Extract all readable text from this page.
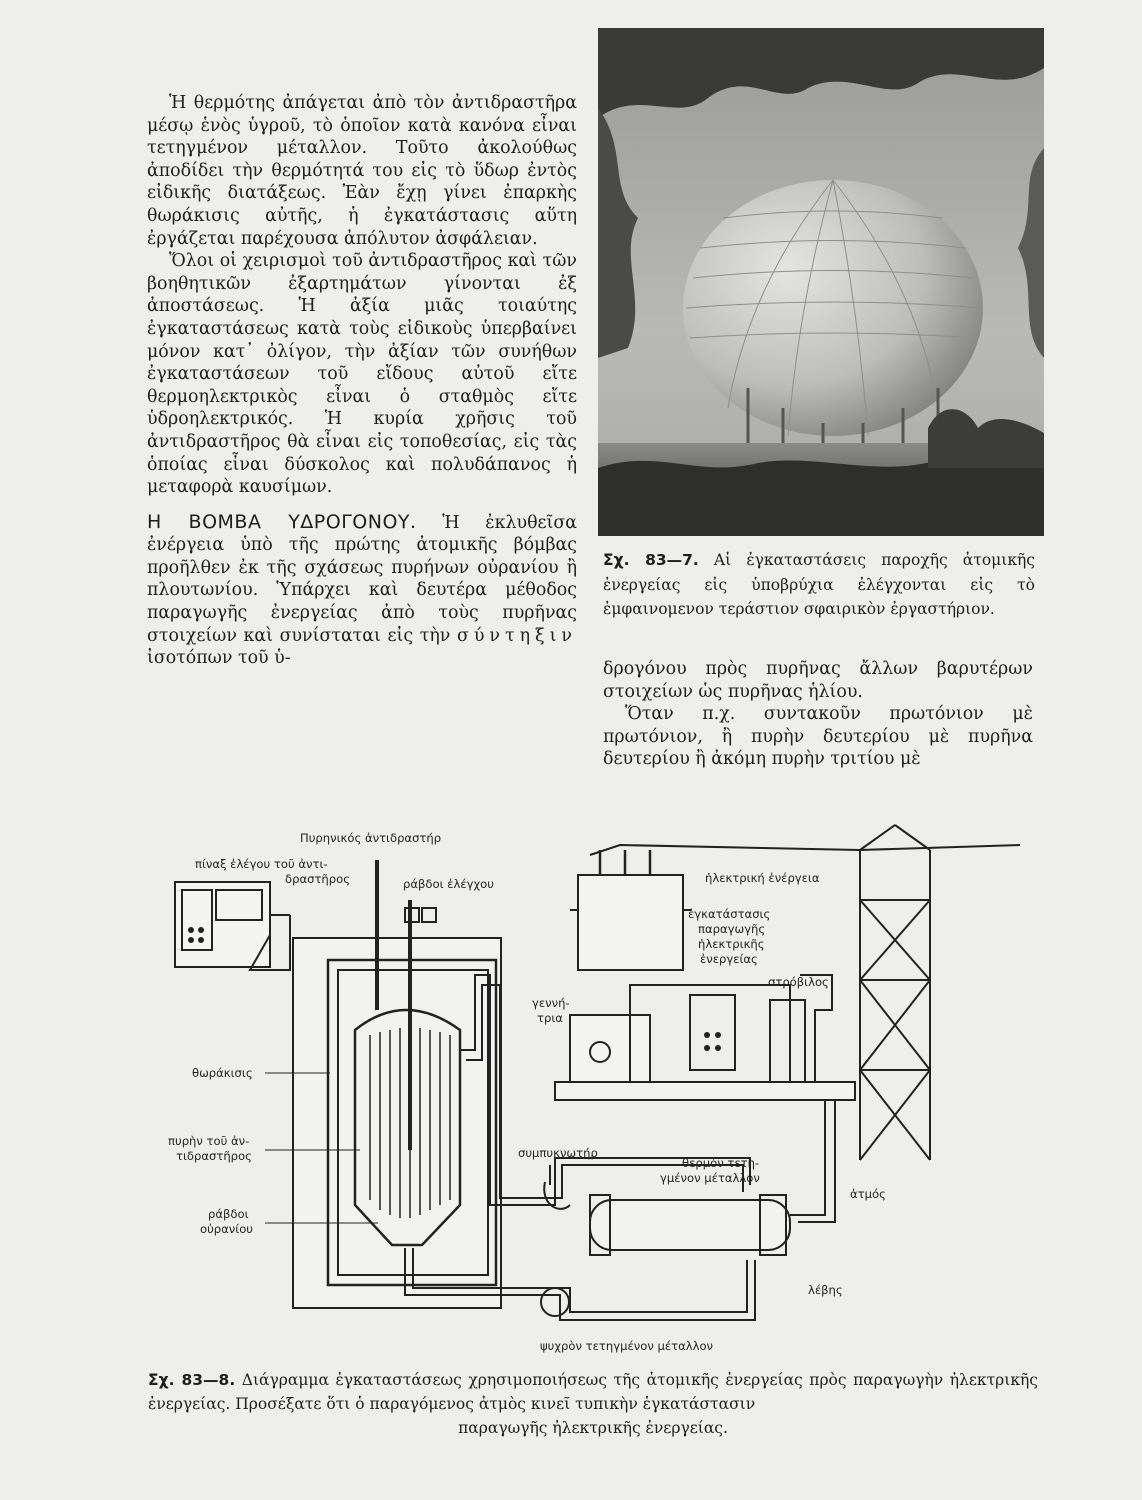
Ἡ θερμότης ἀπάγεται ἀπὸ τὸν ἀντιδραστῆρα μέσῳ ἑνὸς ὑγροῦ, τὸ ὁποῖον κατὰ κανόνα εἶναι τετηγμένον μέταλλον. Τοῦτο ἀκολούθως ἀποδίδει τὴν θερμότητά του εἰς τὸ ὕδωρ ἐντὸς εἰδικῆς διατάξεως. Ἐὰν ἔχῃ γίνει ἐπαρκὴς θωράκισις αὐτῆς, ἡ ἐγκατάστασις αὕτη ἐργάζεται παρέχουσα ἀπόλυτον ἀσφάλειαν.

Ὅλοι οἱ χειρισμοὶ τοῦ ἀντιδραστῆρος καὶ τῶν βοηθητικῶν ἐξαρτημάτων γίνονται ἐξ ἀποστάσεως. Ἡ ἀξία μιᾶς τοιαύτης ἐγκαταστάσεως κατὰ τοὺς εἰδικοὺς ὑπερβαίνει μόνον κατ᾽ ὀλίγον, τὴν ἀξίαν τῶν συνήθων ἐγκαταστάσεων τοῦ εἴδους αὐτοῦ εἴτε θερμοηλεκτρικὸς εἶναι ὁ σταθμὸς εἴτε ὑδροηλεκτρικός. Ἡ κυρία χρῆσις τοῦ ἀντιδραστῆρος θὰ εἶναι εἰς τοποθεσίας, εἰς τὰς ὁποίας εἶναι δύσκολος καὶ πολυδάπανος ἡ μεταφορὰ καυσίμων.

Η ΒΟΜΒΑ ΥΔΡΟΓΟΝΟΥ. Ἡ ἐκλυθεῖσα ἐνέργεια ὑπὸ τῆς πρώτης ἀτομικῆς βόμβας προῆλθεν ἐκ τῆς σχάσεως πυρήνων οὐρανίου ἢ πλουτωνίου. Ὑπάρχει καὶ δευτέρα μέθοδος παραγωγῆς ἐνεργείας ἀπὸ τοὺς πυρῆνας στοιχείων καὶ συνίσταται εἰς τὴν σύντηξιν ἰσοτόπων τοῦ ὑ-

Σχ. 83—7. Αἱ ἐγκαταστάσεις παροχῆς ἀτομικῆς ἐνεργείας εἰς ὑποβρύχια ἐλέγχονται εἰς τὸ ἐμφαινομενον τεράστιον σφαιρικὸν ἐργαστήριον.

δρογόνου πρὸς πυρῆνας ἄλλων βαρυτέρων στοιχείων ὡς πυρῆνας ἡλίου.

Ὅταν π.χ. συντακοῦν πρωτόνιον μὲ πρωτόνιον, ἢ πυρὴν δευτερίου μὲ πυρῆνα δευτερίου ἢ ἀκόμη πυρὴν τριτίου μὲ

Πυρηνικός ἀντιδραστήρ
πίναξ ἐλέγου τοῦ ἀντι-
δραστῆρος	ράβδοι ἐλέγχου	ἠλεκτρική ἐνέργεια
ἐγκατάστασις
παραγωγῆς
ἠλεκτρικῆς
ἐνεργείας
στρόβιλος
γεννή-
τρια
θωράκισις
πυρὴν τοῦ ἀν-
τιδραστῆρος	συμπυκνωτήρ
θερμόν τετη-
γμένον μέταλλον
ἀτμός
ράβδοι
οὐρανίου
λέβης
ψυχρὸν τετηγμένον μέταλλον
Σχ. 83—8. Διάγραμμα ἐγκαταστάσεως χρησιμοποιήσεως τῆς ἀτομικῆς ἐνεργείας πρὸς παραγωγὴν ἠλεκτρικῆς ἐνεργείας. Προσέξατε ὅτι ὁ παραγόμενος ἀτμὸς κινεῖ τυπικὴν ἐγκατάστασιν
παραγωγῆς ἠλεκτρικῆς ἐνεργείας.
